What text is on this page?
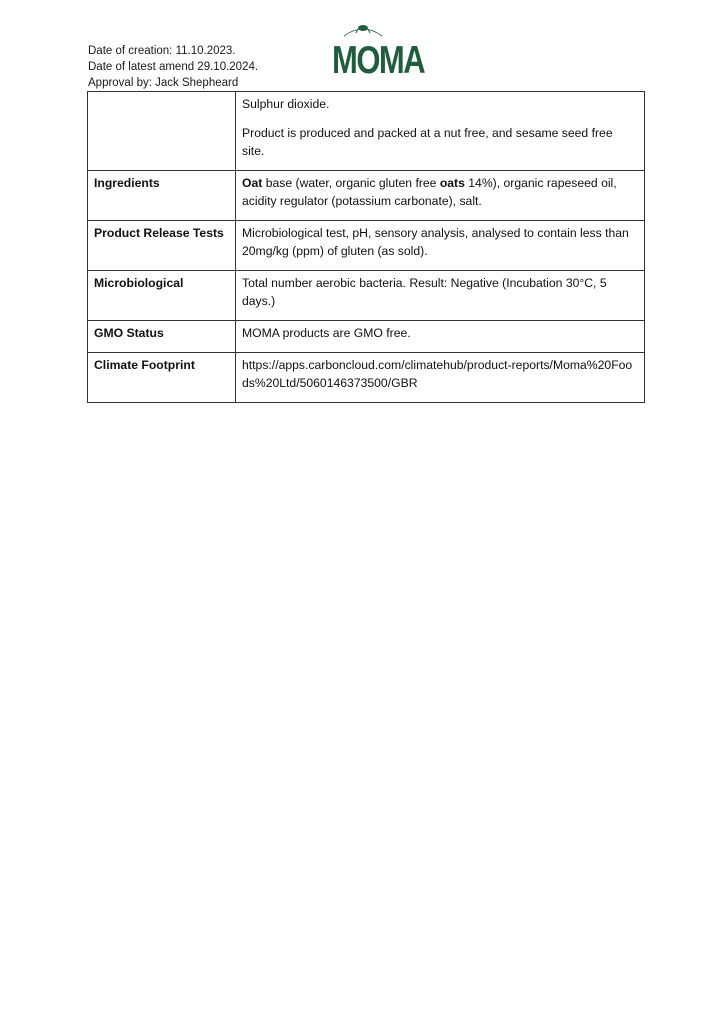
Date of creation: 11.10.2023.
Date of latest amend 29.10.2024.
Approval by: Jack Shepheard
MOMA

	Sulphur dioxide.

Product is produced and packed at a nut free, and sesame seed free site.

Ingredients	Oat base (water, organic gluten free oats 14%), organic rapeseed oil, acidity regulator (potassium carbonate), salt.

Product Release Tests	Microbiological test, pH, sensory analysis, analysed to contain less than 20mg/kg (ppm) of gluten (as sold).
Microbiological	Total number aerobic bacteria. Result: Negative (Incubation 30°C, 5 days.)
GMO Status	MOMA products are GMO free.
Climate Footprint	https://apps.carboncloud.com/climatehub/product-reports/Moma%20Foods%20Ltd/5060146373500/GBR
